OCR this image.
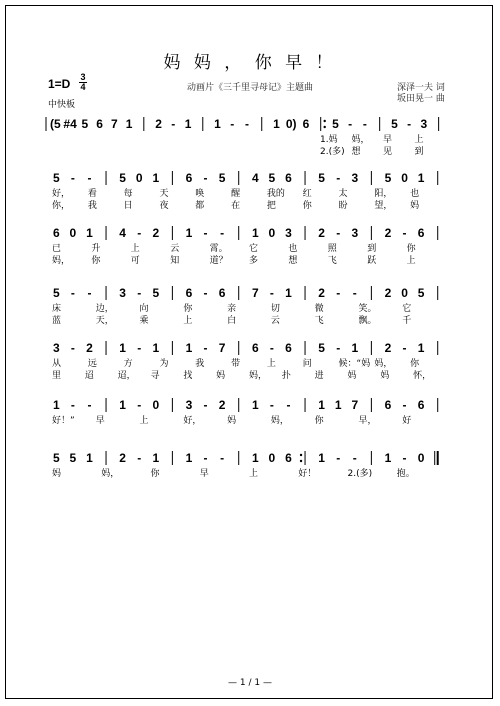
妈 妈 ， 你 早 ！
1=D 3
4
中快板
动画片《三千里寻母记》主题曲	深泽一夫 词
坂田晃一 曲
(5 #4 5 6 7 1 2 - 1 1 - - 1 0) 6 5 - - 5 - 3
1.妈 妈， 早 上
2.(多) 想 见 到
5 - - 5 0 1 6 - 5 4 5 6 5 - 3 5 0 1
好， 看	每	天	唤	醒	我的 红	太	阳， 也
你， 我	日	夜	都	在	把	你	盼	望， 妈
6 0 1 4 - 2 1 - - 1 0 3 2 - 3 2 - 6
已	升	上	云	霄。 它	也	照	到	你
妈， 你	可	知	道？ 多	想	飞	跃	上
5 - - 3 - 5 6 - 6 7 - 1 2 - - 2 0 5
床	边，	向	你	亲	切	微	笑。	它
蓝	天，	乘	上	白	云	飞	飘。	千
3 - 2 1 - 1 1 - 7 6 - 6 5 - 1 2 - 1
从	远	方	为	我	带	上	问	候：“妈 妈， 你
里	迢	迢， 寻	找	妈	妈， 扑	进	妈	妈	怀，
1 - - 1 - 0 3 - 2 1 - - 1 1 7 6 - 6
好！” 早	上	好，	妈	妈，	你	早，	好
5 5 1 2 - 1 1 - - 1 0 6 1 - - 1 - 0
妈	妈，	你	早	上	好！	2.(多)	抱。
— 1 / 1 —
